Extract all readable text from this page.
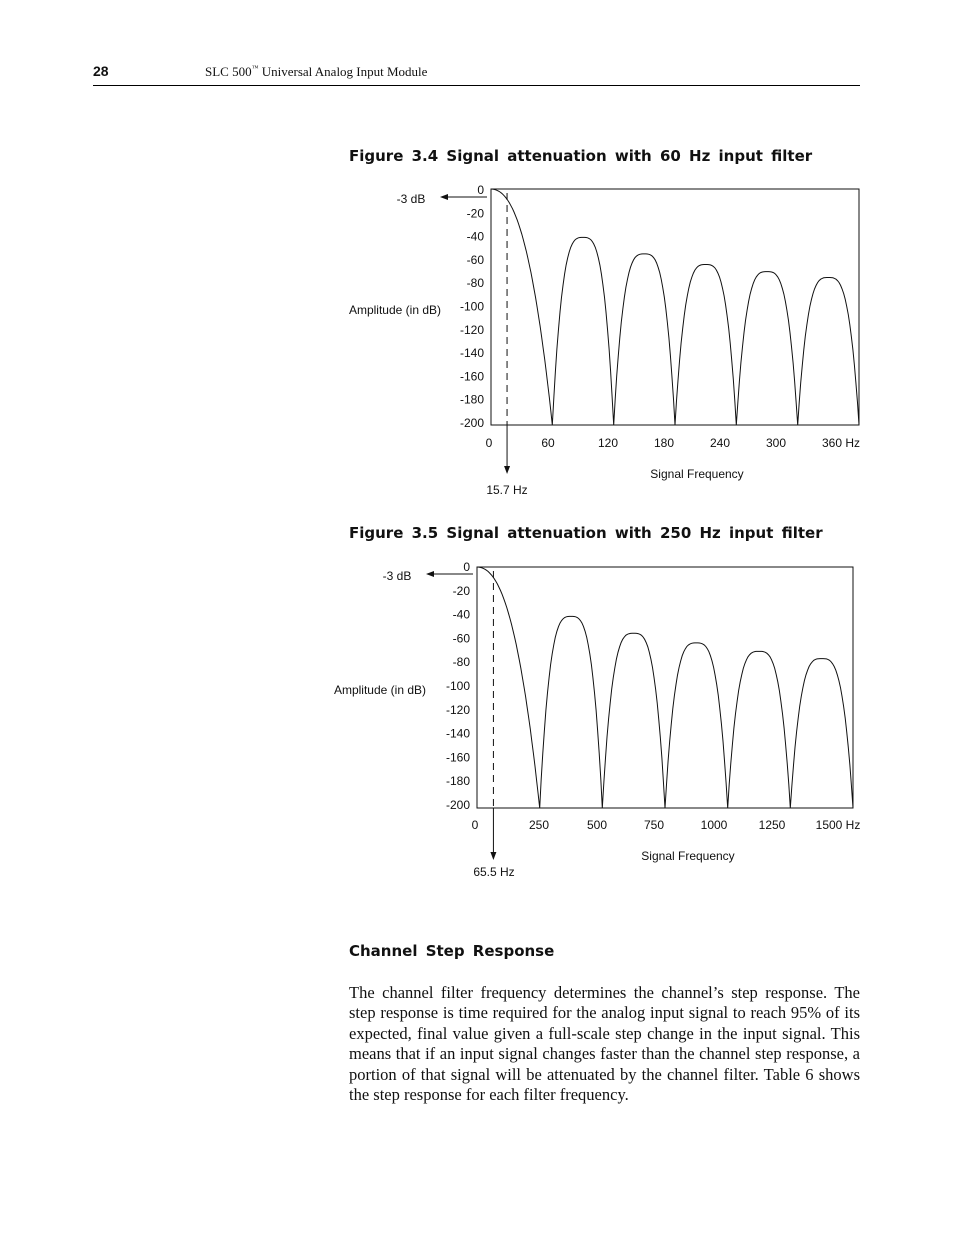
28	SLC 500™ Universal Analog Input Module
Figure 3.4 Signal attenuation with 60 Hz input filter
0
-20
-40
-60
-80
-100
-120
-140
-160
-180
-200
0	60	120	180	240	300	360 Hz
Amplitude (in dB)
Signal Frequency
-3 dB
15.7 Hz
0
-20
-40
-60
-80
-100
-120
-140
-160
-180
-200
0	250	500	750	1000	1250	1500 Hz
Amplitude (in dB)
Signal Frequency
-3 dB
65.5 Hz
Figure 3.5 Signal attenuation with 250 Hz input filter
Channel Step Response
The channel filter frequency determines the channel’s step response. The step response is time required for the analog input signal to reach 95% of its expected, final value given a full-scale step change in the input signal. This means that if an input signal changes faster than the channel step response, a portion of that signal will be attenuated by the channel filter. Table 6 shows the step response for each filter frequency.
